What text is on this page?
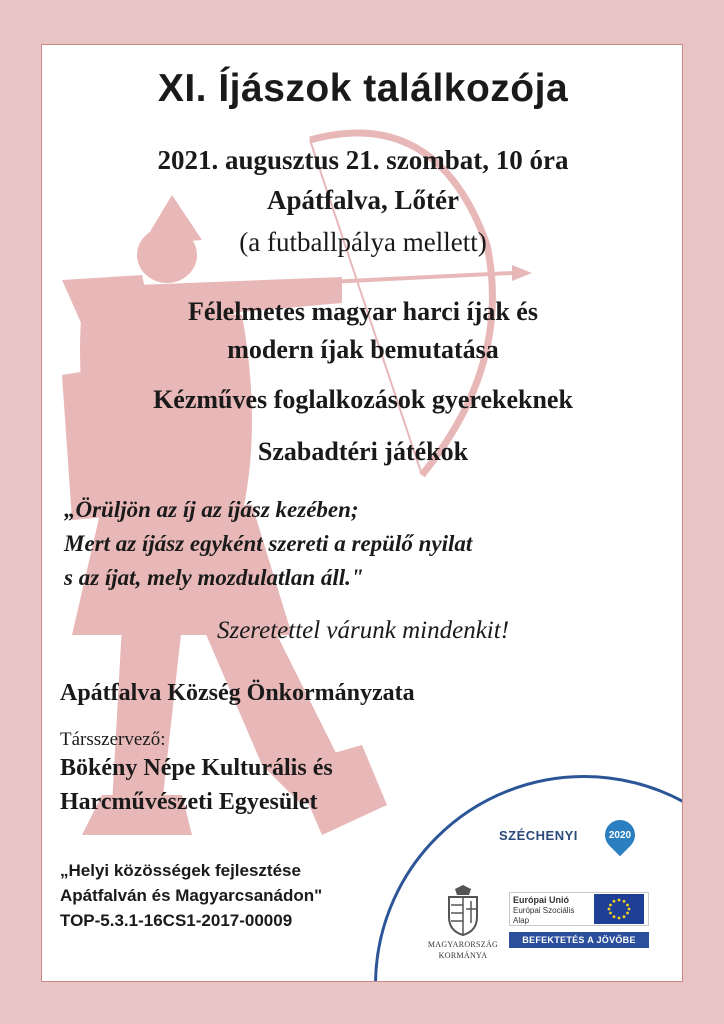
XI. Íjászok találkozója
2021. augusztus 21. szombat, 10 óra
Apátfalva, Lőtér
(a futballpálya mellett)
Félelmetes magyar harci íjak és
modern íjak bemutatása
Kézműves foglalkozások gyerekeknek
Szabadtéri játékok
„Örüljön az íj az íjász kezében;
Mert az íjász egyként szereti a repülő nyilat
s az íjat, mely mozdulatlan áll."
Szeretettel várunk mindenkit!
Apátfalva Község Önkormányzata
Társszervező:
Bökény Népe Kulturális és
Harcművészeti Egyesület
„Helyi közösségek fejlesztése
Apátfalván és Magyarcsanádon"
TOP-5.3.1-16CS1-2017-00009
SZÉCHENYI	2020
MAGYARORSZÁG
KORMÁNYA
Európai Unió
Európai Szociális
Alap
BEFEKTETÉS A JÖVŐBE
